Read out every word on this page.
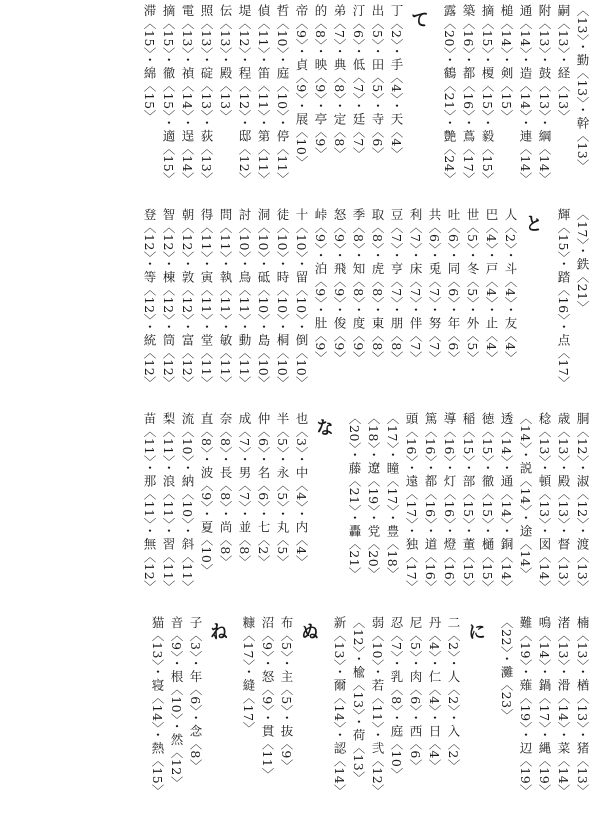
〈13〉・勤〈13〉・幹〈13〉
嗣〈13〉・経〈13〉
附〈13〉・鼓〈13〉・綱〈14〉
通〈14〉・造〈14〉・連〈14〉
槌〈14〉・剣〈15〉
摘〈15〉・榎〈15〉・毅〈15〉
築〈16〉・都〈16〉・蔦〈17〉
露〈20〉・鶴〈21〉・艶〈24〉
て
丁〈2〉・手〈4〉・天〈4〉
出〈5〉・田〈5〉・寺〈6〉
汀〈6〉・低〈7〉・廷〈7〉
弟〈7〉・典〈8〉・定〈8〉
的〈8〉・映〈9〉・亭〈9〉
帝〈9〉・貞〈9〉・展〈10〉
哲〈10〉・庭〈10〉・停〈11〉
偵〈11〉・笛〈11〉・第〈11〉
堤〈12〉・程〈12〉・邸〈12〉
伝〈13〉・殿〈13〉
照〈13〉・碇〈13〉・荻〈13〉
電〈13〉・禎〈14〉・逞〈14〉
摘〈15〉・徹〈15〉・適〈15〉
滞〈15〉・綿〈15〉
〈17〉・鉄〈21〉
輝〈15〉・踏〈16〉・点〈17〉
と
人〈2〉・斗〈4〉・友〈4〉
巴〈4〉・戸〈4〉・止〈4〉
世〈5〉・冬〈5〉・外〈5〉
吐〈6〉・同〈6〉・年〈6〉
共〈6〉・兎〈7〉・努〈7〉
利〈7〉・床〈7〉・伴〈7〉
豆〈7〉・亨〈7〉・朋〈8〉
取〈8〉・虎〈8〉・東〈8〉
季〈8〉・知〈8〉・度〈9〉
怒〈9〉・飛〈9〉・俊〈9〉
峠〈9〉・泊〈9〉・肚〈9〉
十〈10〉・留〈10〉・倒〈10〉
徒〈10〉・時〈10〉・桐〈10〉
洞〈10〉・砥〈10〉・島〈10〉
討〈10〉・鳥〈11〉・動〈11〉
問〈11〉・執〈11〉・敏〈11〉
得〈11〉・寅〈11〉・堂〈11〉
朝〈12〉・敦〈12〉・富〈12〉
智〈12〉・棟〈12〉・筒〈12〉
登〈12〉・等〈12〉・統〈12〉
胴〈12〉・淑〈12〉・渡〈13〉
歳〈13〉・殿〈13〉・督〈13〉
稔〈13〉・頓〈13〉・図〈14〉
〈14〉・説〈14〉・途〈14〉
透〈14〉・通〈14〉・銅〈14〉
徳〈15〉・徹〈15〉・樋〈15〉
稲〈15〉・部〈15〉・董〈15〉
導〈16〉・灯〈16〉・燈〈16〉
篤〈16〉・都〈16〉・道〈16〉
頭〈16〉・遠〈17〉・独〈17〉
〈17〉・瞳〈17〉・豊〈18〉
〈18〉・遼〈19〉・党〈20〉
〈20〉・藤〈21〉・轟〈21〉
な
也〈3〉・中〈4〉・内〈4〉
半〈5〉・永〈5〉・丸〈5〉
仲〈6〉・名〈6〉・七〈2〉
成〈7〉・男〈7〉・並〈8〉
奈〈8〉・長〈8〉・尚〈8〉
直〈8〉・波〈9〉・夏〈10〉
流〈10〉・納〈10〉・斜〈11〉
梨〈11〉・浪〈11〉・習〈11〉
苗〈11〉・那〈11〉・無〈12〉
楠〈13〉・楢〈13〉・猪〈13〉
渚〈13〉・滑〈14〉・菜〈14〉
鳴〈14〉・鍋〈17〉・縄〈19〉
難〈19〉・薙〈19〉・辺〈19〉
〈22〉・灘〈23〉
に
二〈2〉・人〈2〉・入〈2〉
丹〈4〉・仁〈4〉・日〈4〉
尼〈5〉・肉〈6〉・西〈6〉
忍〈7〉・乳〈8〉・庭〈10〉
弱〈10〉・若〈11〉・弐〈12〉
〈12〉・楡〈13〉・荷〈13〉
新〈13〉・爾〈14〉・認〈14〉
ぬ
布〈5〉・主〈5〉・抜〈9〉
沼〈9〉・怒〈9〉・貫〈11〉
糠〈17〉・縫〈17〉
ね
子〈3〉・年〈6〉・念〈8〉
音〈9〉・根〈10〉・然〈12〉
猫〈13〉・寝〈14〉・熱〈15〉
